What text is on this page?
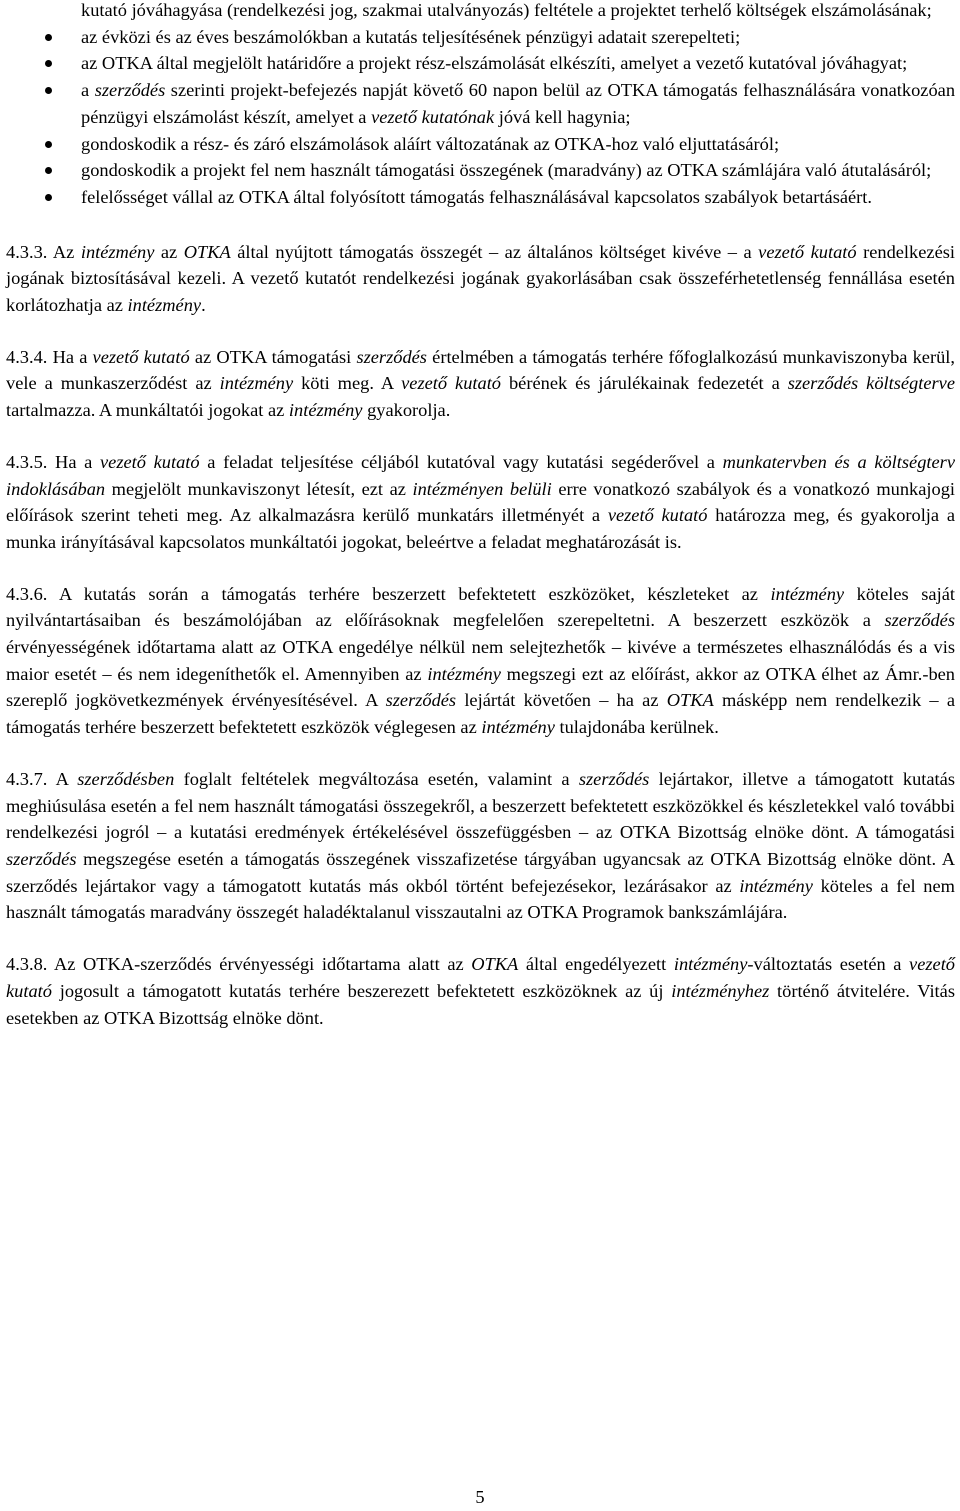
kutató jóváhagyása (rendelkezési jog, szakmai utalványozás) feltétele a projektet terhelő költségek elszámolásának;
az évközi és az éves beszámolókban a kutatás teljesítésének pénzügyi adatait szerepelteti;
az OTKA által megjelölt határidőre a projekt rész-elszámolását elkészíti, amelyet a vezető kutatóval jóváhagyat;
a szerződés szerinti projekt-befejezés napját követő 60 napon belül az OTKA támogatás felhasználására vonatkozóan pénzügyi elszámolást készít, amelyet a vezető kutatónak jóvá kell hagynia;
gondoskodik a rész- és záró elszámolások aláírt változatának az OTKA-hoz való eljuttatásáról;
gondoskodik a projekt fel nem használt támogatási összegének (maradvány) az OTKA számlájára való átutalásáról;
felelősséget vállal az OTKA által folyósított támogatás felhasználásával kapcsolatos szabályok betartásáért.

4.3.3. Az intézmény az OTKA által nyújtott támogatás összegét – az általános költséget kivéve – a vezető kutató rendelkezési jogának biztosításával kezeli. A vezető kutatót rendelkezési jogának gyakorlásában csak összeférhetetlenség fennállása esetén korlátozhatja az intézmény.

4.3.4. Ha a vezető kutató az OTKA támogatási szerződés értelmében a támogatás terhére főfoglalkozású munkaviszonyba kerül, vele a munkaszerződést az intézmény köti meg. A vezető kutató bérének és járulékainak fedezetét a szerződés költségterve tartalmazza. A munkáltatói jogokat az intézmény gyakorolja.

4.3.5. Ha a vezető kutató a feladat teljesítése céljából kutatóval vagy kutatási segéderővel a munkatervben és a költségterv indoklásában megjelölt munkaviszonyt létesít, ezt az intézményen belüli erre vonatkozó szabályok és a vonatkozó munkajogi előírások szerint teheti meg. Az alkalmazásra kerülő munkatárs illetményét a vezető kutató határozza meg, és gyakorolja a munka irányításával kapcsolatos munkáltatói jogokat, beleértve a feladat meghatározását is.

4.3.6. A kutatás során a támogatás terhére beszerzett befektetett eszközöket, készleteket az intézmény köteles saját nyilvántartásaiban és beszámolójában az előírásoknak megfelelően szerepeltetni. A beszerzett eszközök a szerződés érvényességének időtartama alatt az OTKA engedélye nélkül nem selejtezhetők – kivéve a természetes elhasználódás és a vis maior esetét – és nem idegeníthetők el. Amennyiben az intézmény megszegi ezt az előírást, akkor az OTKA élhet az Ámr.-ben szereplő jogkövetkezmények érvényesítésével. A szerződés lejártát követően – ha az OTKA másképp nem rendelkezik – a támogatás terhére beszerzett befektetett eszközök véglegesen az intézmény tulajdonába kerülnek.

4.3.7. A szerződésben foglalt feltételek megváltozása esetén, valamint a szerződés lejártakor, illetve a támogatott kutatás meghiúsulása esetén a fel nem használt támogatási összegekről, a beszerzett befektetett eszközökkel és készletekkel való további rendelkezési jogról – a kutatási eredmények értékelésével összefüggésben – az OTKA Bizottság elnöke dönt. A támogatási szerződés megszegése esetén a támogatás összegének visszafizetése tárgyában ugyancsak az OTKA Bizottság elnöke dönt. A szerződés lejártakor vagy a támogatott kutatás más okból történt befejezésekor, lezárásakor az intézmény köteles a fel nem használt támogatás maradvány összegét haladéktalanul visszautalni az OTKA Programok bankszámlájára.

4.3.8. Az OTKA-szerződés érvényességi időtartama alatt az OTKA által engedélyezett intézmény-változtatás esetén a vezető kutató jogosult a támogatott kutatás terhére beszerezett befektetett eszközöknek az új intézményhez történő átvitelére. Vitás esetekben az OTKA Bizottság elnöke dönt.

5
